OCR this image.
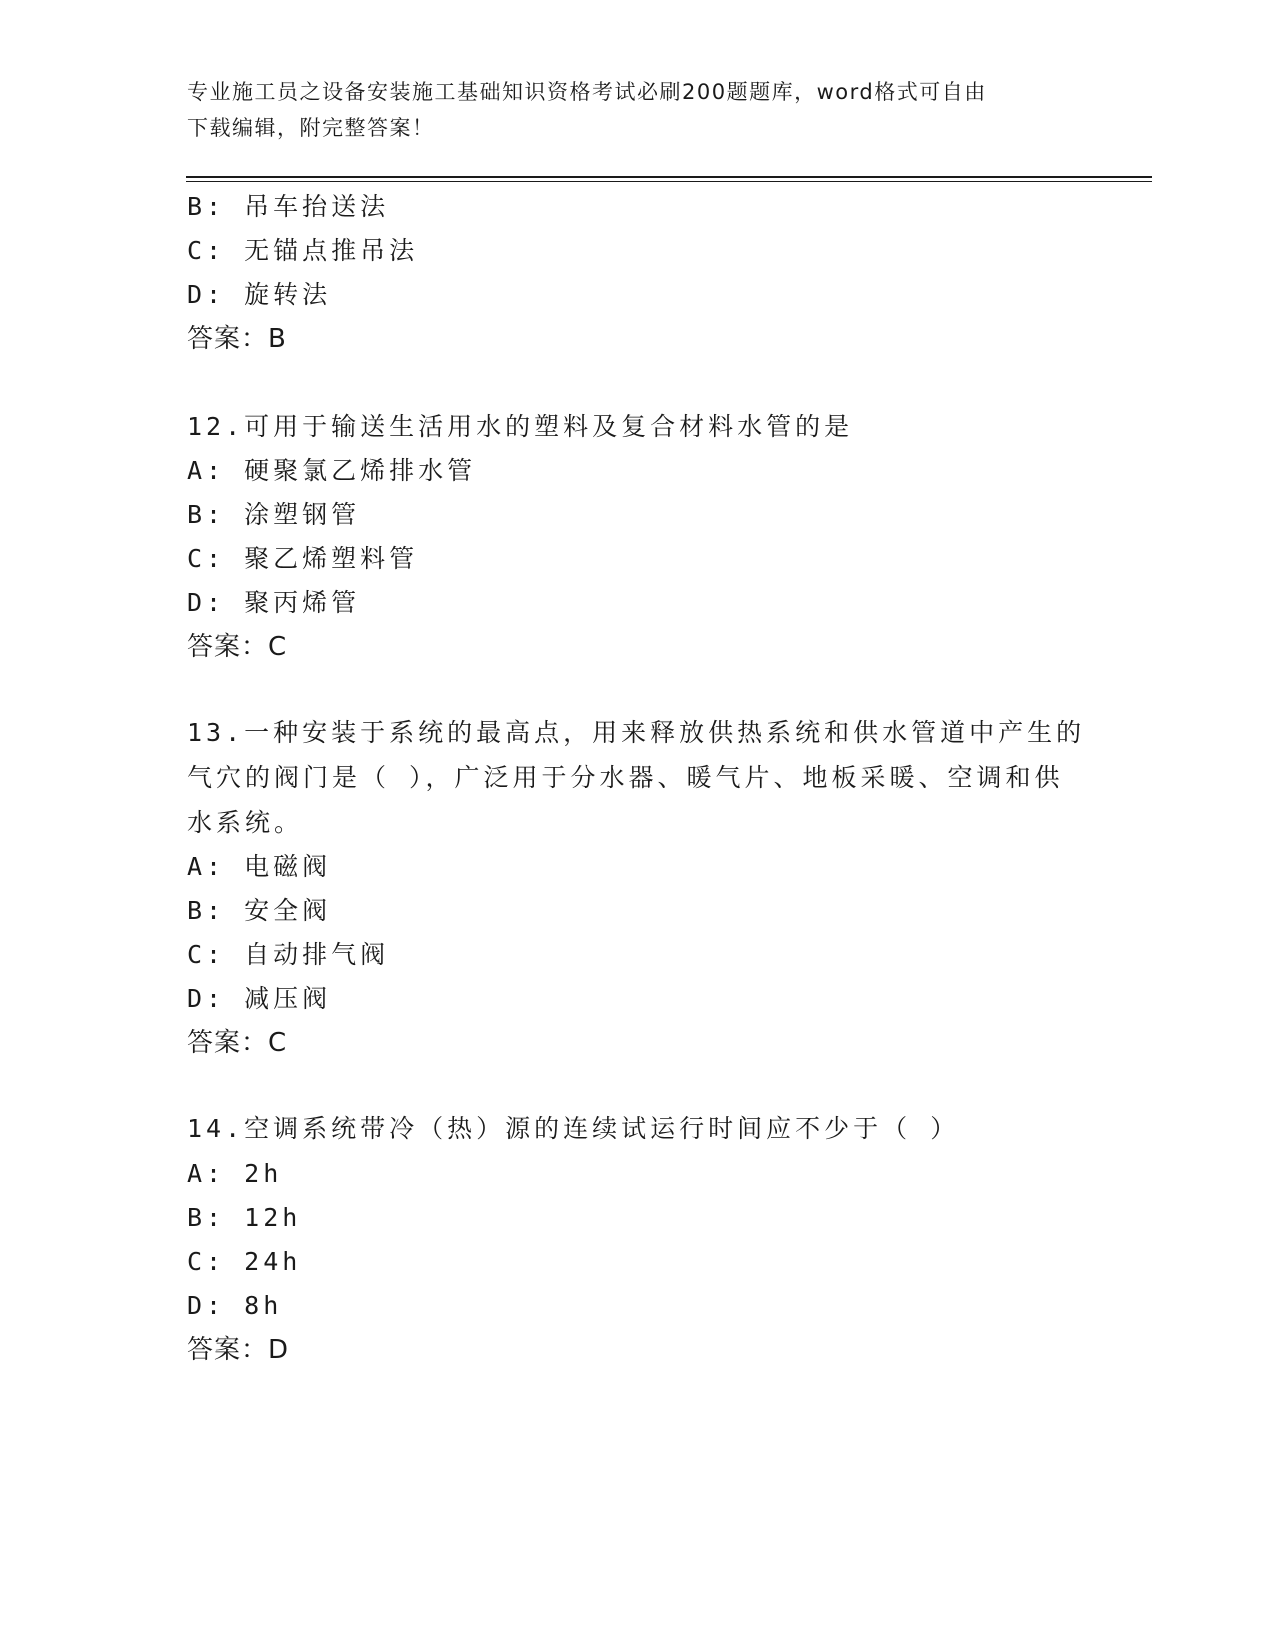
专业施工员之设备安装施工基础知识资格考试必刷200题题库，word格式可自由
下载编辑，附完整答案！
B: 吊车抬送法
C: 无锚点推吊法
D: 旋转法
答案：B
12.可用于输送生活用水的塑料及复合材料水管的是
A: 硬聚氯乙烯排水管
B: 涂塑钢管
C: 聚乙烯塑料管
D: 聚丙烯管
答案：C
13.一种安装于系统的最高点，用来释放供热系统和供水管道中产生的
气穴的阀门是（ ），广泛用于分水器、暖气片、地板采暖、空调和供
水系统。
A: 电磁阀
B: 安全阀
C: 自动排气阀
D: 减压阀
答案：C
14.空调系统带冷（热）源的连续试运行时间应不少于（ ）
A: 2h
B: 12h
C: 24h
D: 8h
答案：D
